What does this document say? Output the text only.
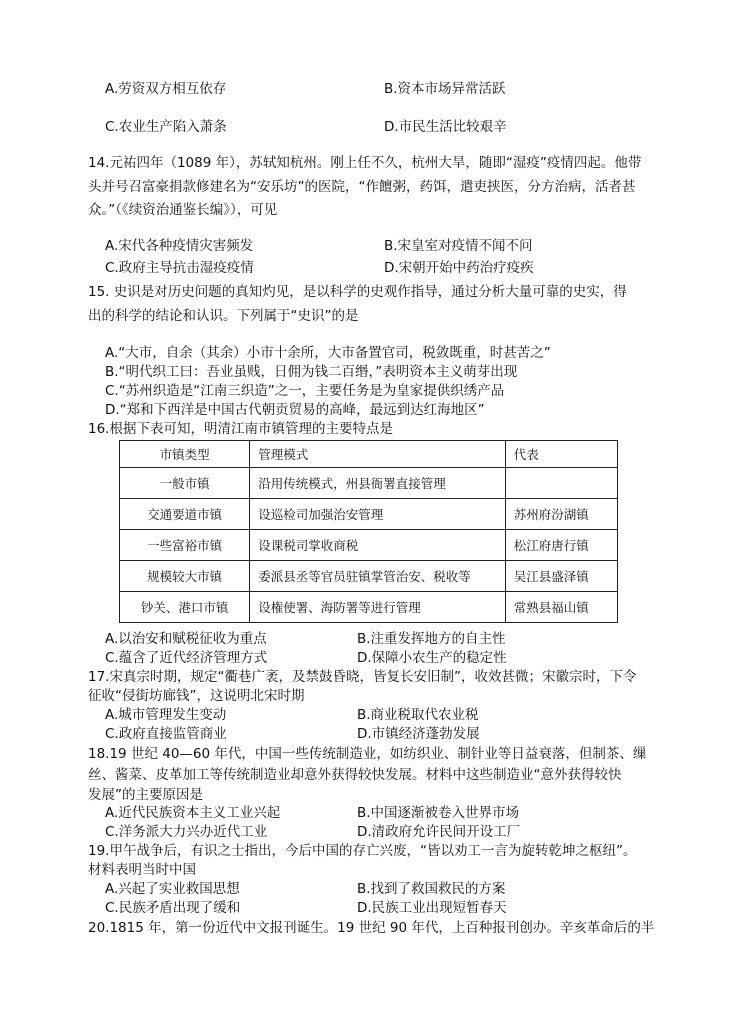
A.劳资双方相互依存	B.资本市场异常活跃
C.农业生产陷入萧条	D.市民生活比较艰辛
14.元祐四年（1089 年），苏轼知杭州。刚上任不久，杭州大旱，随即“湿疫”疫情四起。他带
头并号召富豪捐款修建名为“安乐坊”的医院，“作饘粥，药饵，遣吏挟医，分方治病，活者甚
众。”（《续资治通鉴长编》），可见
A.宋代各种疫情灾害频发	B.宋皇室对疫情不闻不问
C.政府主导抗击湿疫疫情	D.宋朝开始中药治疗疫疾
15. 史识是对历史问题的真知灼见，是以科学的史观作指导，通过分析大量可靠的史实，得
出的科学的结论和认识。下列属于“史识”的是
A.“大市，自余（其余）小市十余所，大市备置官司，税敛既重，时甚苦之”
B.“明代织工曰：吾业虽贱，日佣为钱二百缗，”表明资本主义萌芽出现
C.“苏州织造是“江南三织造”之一，主要任务是为皇家提供织绣产品
D.“郑和下西洋是中国古代朝贡贸易的高峰，最远到达红海地区”
16.根据下表可知，明清江南市镇管理的主要特点是
市镇类型	管理模式	代表
一般市镇	沿用传统模式，州县衙署直接管理	
交通要道市镇	设巡检司加强治安管理	苏州府汾湖镇
一些富裕市镇	设课税司掌收商税	松江府唐行镇
规模较大市镇	委派县丞等官员驻镇掌管治安、税收等	吴江县盛泽镇
钞关、港口市镇	设権使署、海防署等进行管理	常熟县福山镇
A.以治安和赋税征收为重点	B.注重发挥地方的自主性
C.蕴含了近代经济管理方式	D.保障小农生产的稳定性
17.宋真宗时期，规定“衢巷广袤，及禁鼓昏晓，皆复长安旧制”，收效甚微；宋徽宗时，下令
征收“侵街坊廊钱”，这说明北宋时期
A.城市管理发生变动	B.商业税取代农业税
C.政府直接监管商业	D.市镇经济蓬勃发展
18.19 世纪 40—60 年代，中国一些传统制造业，如纺织业、制针业等日益衰落，但制茶、缫
丝、酱菜、皮革加工等传统制造业却意外获得较快发展。材料中这些制造业“意外获得较快
发展”的主要原因是
A.近代民族资本主义工业兴起	B.中国逐渐被卷入世界市场
C.洋务派大力兴办近代工业	D.清政府允许民间开设工厂
19.甲午战争后，有识之士指出，今后中国的存亡兴废，“皆以劝工一言为旋转乾坤之枢纽”。
材料表明当时中国
A.兴起了实业救国思想	B.找到了救国救民的方案
C.民族矛盾出现了缓和	D.民族工业出现短暂春天
20.1815 年，第一份近代中文报刊诞生。19 世纪 90 年代，上百种报刊创办。辛亥革命后的半
